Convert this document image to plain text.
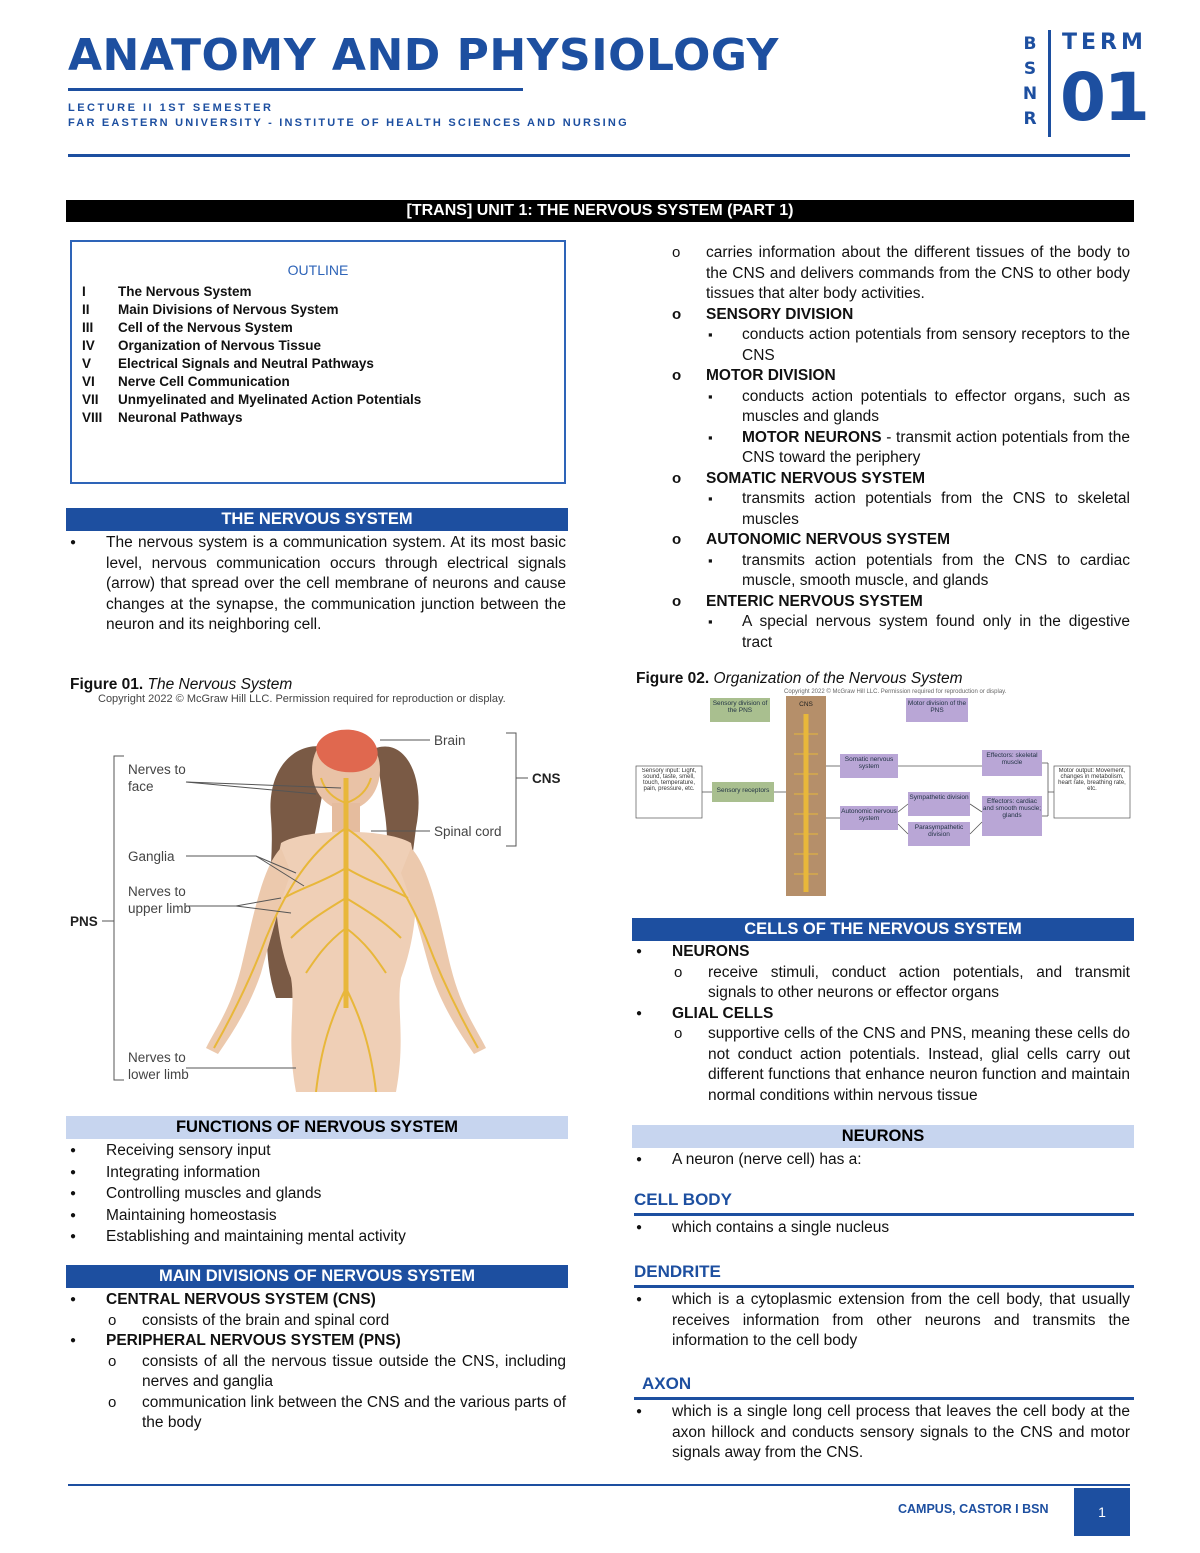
ANATOMY AND PHYSIOLOGY
LECTURE II 1ST SEMESTER
FAR EASTERN UNIVERSITY - INSTITUTE OF HEALTH SCIENCES AND NURSING
B
S
N
R
TERM
01
[TRANS] UNIT 1: THE NERVOUS SYSTEM (PART 1)
OUTLINE
I	The Nervous System
II	Main Divisions of Nervous System
III	Cell of the Nervous System
IV	Organization of Nervous Tissue
V	Electrical Signals and Neutral Pathways
VI	Nerve Cell Communication
VII	Unmyelinated and Myelinated Action Potentials
VIII	Neuronal Pathways
THE NERVOUS SYSTEM
● The nervous system is a communication system. At its most basic level, nervous communication occurs through electrical signals (arrow) that spread over the cell membrane of neurons and cause changes at the synapse, the communication junction between the neuron and its neighboring cell.
Figure 01. The Nervous System
Copyright 2022 © McGraw Hill LLC. Permission required for reproduction or display.
Brain
Nerves to
face
CNS
Spinal cord
Ganglia
Nerves to
upper limb
PNS
Nerves to
lower limb
FUNCTIONS OF NERVOUS SYSTEM
● Receiving sensory input
● Integrating information
● Controlling muscles and glands
● Maintaining homeostasis
● Establishing and maintaining mental activity
MAIN DIVISIONS OF NERVOUS SYSTEM
● CENTRAL NERVOUS SYSTEM (CNS)
o consists of the brain and spinal cord
● PERIPHERAL NERVOUS SYSTEM (PNS)
o consists of all the nervous tissue outside the CNS, including nerves and ganglia
o communication link between the CNS and the various parts of the body
o carries information about the different tissues of the body to the CNS and delivers commands from the CNS to other body tissues that alter body activities.
o SENSORY DIVISION
▪ conducts action potentials from sensory receptors to the CNS
o MOTOR DIVISION
▪ conducts action potentials to effector organs, such as muscles and glands
▪ MOTOR NEURONS - transmit action potentials from the CNS toward the periphery
o SOMATIC NERVOUS SYSTEM
▪ transmits action potentials from the CNS to skeletal muscles
o AUTONOMIC NERVOUS SYSTEM
▪ transmits action potentials from the CNS to cardiac muscle, smooth muscle, and glands
o ENTERIC NERVOUS SYSTEM
▪ A special nervous system found only in the digestive tract
Figure 02. Organization of the Nervous System
Copyright 2022 © McGraw Hill LLC. Permission required for reproduction or display.
Sensory division of the PNS
CNS	Motor division of the PNS
Sensory input: Light, sound, taste, smell, touch, temperature, pain, pressure, etc.	Sensory receptors
Somatic nervous system
Effectors: skeletal muscle
Motor output: Movement, changes in metabolism, heart rate, breathing rate, etc.
Autonomic nervous system
Sympathetic division
Parasympathetic division
Effectors: cardiac and smooth muscle; glands
CELLS OF THE NERVOUS SYSTEM
● NEURONS
o receive stimuli, conduct action potentials, and transmit signals to other neurons or effector organs
● GLIAL CELLS
o supportive cells of the CNS and PNS, meaning these cells do not conduct action potentials. Instead, glial cells carry out different functions that enhance neuron function and maintain normal conditions within nervous tissue
NEURONS
● A neuron (nerve cell) has a:
CELL BODY
● which contains a single nucleus
DENDRITE
● which is a cytoplasmic extension from the cell body, that usually receives information from other neurons and transmits the information to the cell body
AXON
● which is a single long cell process that leaves the cell body at the axon hillock and conducts sensory signals to the CNS and motor signals away from the CNS.
CAMPUS, CASTOR I BSN	1
